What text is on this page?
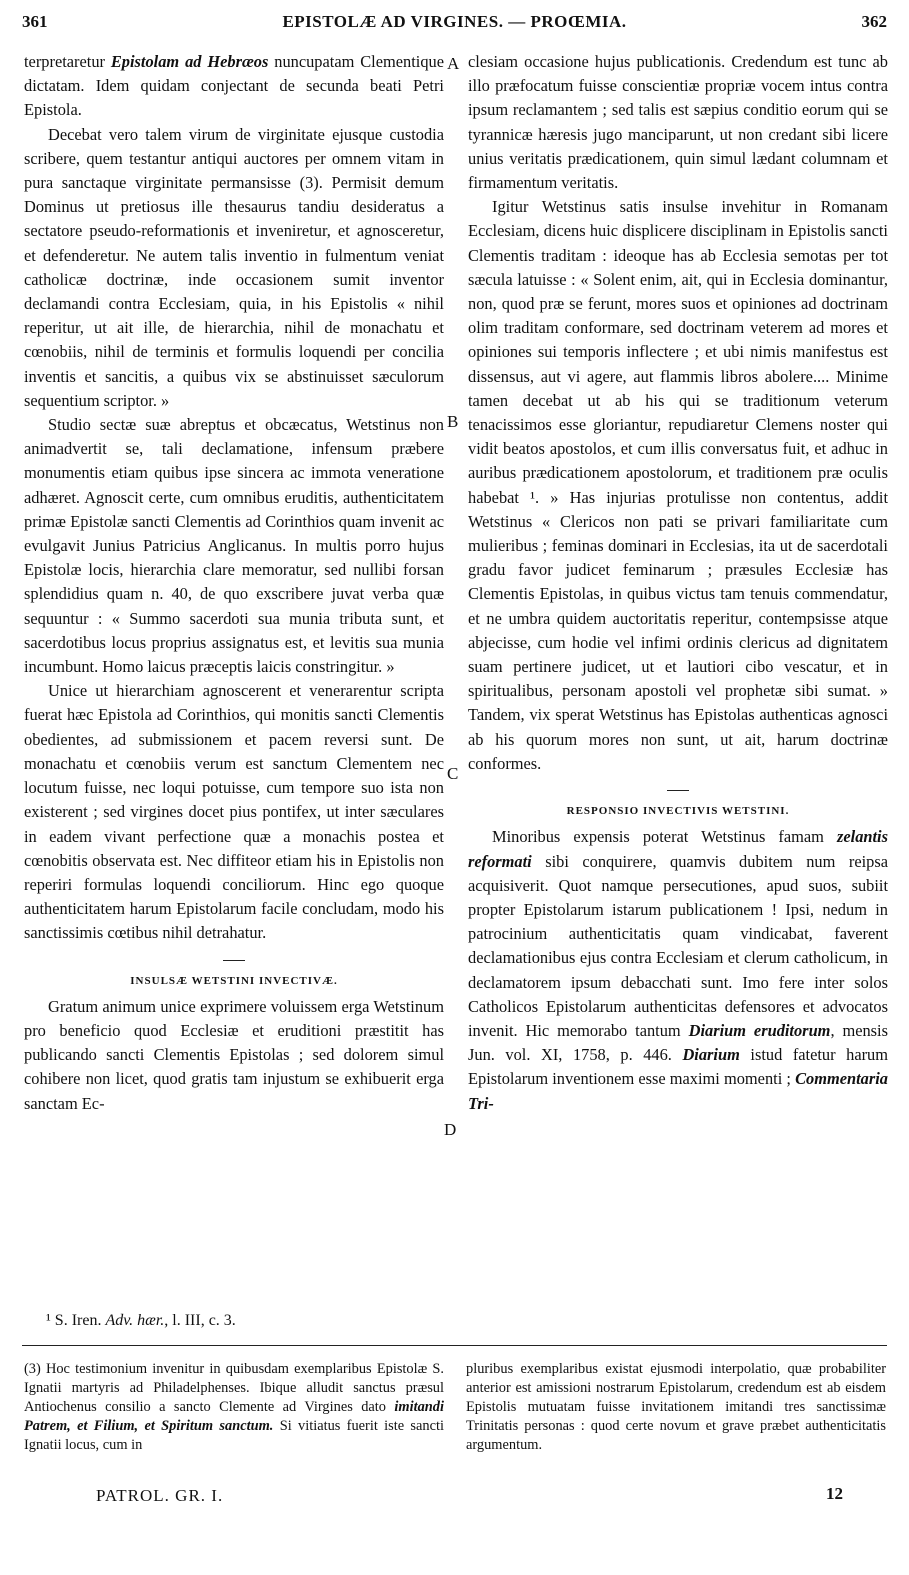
361	EPISTOLÆ AD VIRGINES. — PROŒMIA.	362
A
B
C
D

terpretaretur Epistolam ad Hebræos nuncupatam Clementique dictatam. Idem quidam conjectant de secunda beati Petri Epistola.

Decebat vero talem virum de virginitate ejusque custodia scribere, quem testantur antiqui auctores per omnem vitam in pura sanctaque virginitate permansisse (3). Permisit demum Dominus ut pretiosus ille thesaurus tandiu desideratus a sectatore pseudo-reformationis et inveniretur, et agnosceretur, et defenderetur. Ne autem talis inventio in fulmentum veniat catholicæ doctrinæ, inde occasionem sumit inventor declamandi contra Ecclesiam, quia, in his Epistolis « nihil reperitur, ut ait ille, de hierarchia, nihil de monachatu et cœnobiis, nihil de terminis et formulis loquendi per concilia inventis et sancitis, a quibus vix se abstinuisset sæculorum sequentium scriptor. »

Studio sectæ suæ abreptus et obcæcatus, Wetstinus non animadvertit se, tali declamatione, infensum præbere monumentis etiam quibus ipse sincera ac immota veneratione adhæret. Agnoscit certe, cum omnibus eruditis, authenticitatem primæ Epistolæ sancti Clementis ad Corinthios quam invenit ac evulgavit Junius Patricius Anglicanus. In multis porro hujus Epistolæ locis, hierarchia clare memoratur, sed nullibi forsan splendidius quam n. 40, de quo exscribere juvat verba quæ sequuntur : « Summo sacerdoti sua munia tributa sunt, et sacerdotibus locus proprius assignatus est, et levitis sua munia incumbunt. Homo laicus præceptis laicis constringitur. »

Unice ut hierarchiam agnoscerent et venerarentur scripta fuerat hæc Epistola ad Corinthios, qui monitis sancti Clementis obedientes, ad submissionem et pacem reversi sunt. De monachatu et cœnobiis verum est sanctum Clementem nec locutum fuisse, nec loqui potuisse, cum tempore suo ista non existerent ; sed virgines docet pius pontifex, ut inter sæculares in eadem vivant perfectione quæ a monachis postea et cœnobitis observata est. Nec diffiteor etiam his in Epistolis non reperiri formulas loquendi conciliorum. Hinc ego quoque authenticitatem harum Epistolarum facile concludam, modo his sanctissimis cœtibus nihil detrahatur.

INSULSÆ WETSTINI INVECTIVÆ.

Gratum animum unice exprimere voluissem erga Wetstinum pro beneficio quod Ecclesiæ et eruditioni præstitit has publicando sancti Clementis Epistolas ; sed dolorem simul cohibere non licet, quod gratis tam injustum se exhibuerit erga sanctam Ec-

clesiam occasione hujus publicationis. Credendum est tunc ab illo præfocatum fuisse conscientiæ propriæ vocem intus contra ipsum reclamantem ; sed talis est sæpius conditio eorum qui se tyrannicæ hæresis jugo manciparunt, ut non credant sibi licere unius veritatis prædicationem, quin simul lædant columnam et firmamentum veritatis.

Igitur Wetstinus satis insulse invehitur in Romanam Ecclesiam, dicens huic displicere disciplinam in Epistolis sancti Clementis traditam : ideoque has ab Ecclesia semotas per tot sæcula latuisse : « Solent enim, ait, qui in Ecclesia dominantur, non, quod præ se ferunt, mores suos et opiniones ad doctrinam olim traditam conformare, sed doctrinam veterem ad mores et opiniones sui temporis inflectere ; et ubi nimis manifestus est dissensus, aut vi agere, aut flammis libros abolere.... Minime tamen decebat ut ab his qui se traditionum veterum tenacissimos esse gloriantur, repudiaretur Clemens noster qui vidit beatos apostolos, et cum illis conversatus fuit, et adhuc in auribus prædicationem apostolorum, et traditionem præ oculis habebat ¹. » Has injurias protulisse non contentus, addit Wetstinus « Clericos non pati se privari familiaritate cum mulieribus ; feminas dominari in Ecclesias, ita ut de sacerdotali gradu favor judicet feminarum ; præsules Ecclesiæ has Clementis Epistolas, in quibus victus tam tenuis commendatur, et ne umbra quidem auctoritatis reperitur, contempsisse atque abjecisse, cum hodie vel infimi ordinis clericus ad dignitatem suam pertinere judicet, ut et lautiori cibo vescatur, et in spiritualibus, personam apostoli vel prophetæ sibi sumat. » Tandem, vix sperat Wetstinus has Epistolas authenticas agnosci ab his quorum mores non sunt, ut ait, harum doctrinæ conformes.

RESPONSIO INVECTIVIS WETSTINI.

Minoribus expensis poterat Wetstinus famam zelantis reformati sibi conquirere, quamvis dubitem num reipsa acquisiverit. Quot namque persecutiones, apud suos, subiit propter Epistolarum istarum publicationem ! Ipsi, nedum in patrocinium authenticitatis quam vindicabat, faverent declamationibus ejus contra Ecclesiam et clerum catholicum, in declamatorem ipsum debacchati sunt. Imo fere inter solos Catholicos Epistolarum authenticitas defensores et advocatos invenit. Hic memorabo tantum Diarium eruditorum, mensis Jun. vol. XI, 1758, p. 446. Diarium istud fatetur harum Epistolarum inventionem esse maximi momenti ; Commentaria Tri-

¹ S. Iren. Adv. hær., l. III, c. 3.

(3) Hoc testimonium invenitur in quibusdam exemplaribus Epistolæ S. Ignatii martyris ad Philadelphenses. Ibique alludit sanctus præsul Antiochenus consilio a sancto Clemente ad Virgines dato imitandi Patrem, et Filium, et Spiritum sanctum. Si vitiatus fuerit iste sancti Ignatii locus, cum in

pluribus exemplaribus existat ejusmodi interpolatio, quæ probabiliter anterior est amissioni nostrarum Epistolarum, credendum est ab eisdem Epistolis mutuatam fuisse invitationem imitandi tres sanctissimæ Trinitatis personas : quod certe novum et grave præbet authenticitatis argumentum.

PATROL. GR. I.	12
